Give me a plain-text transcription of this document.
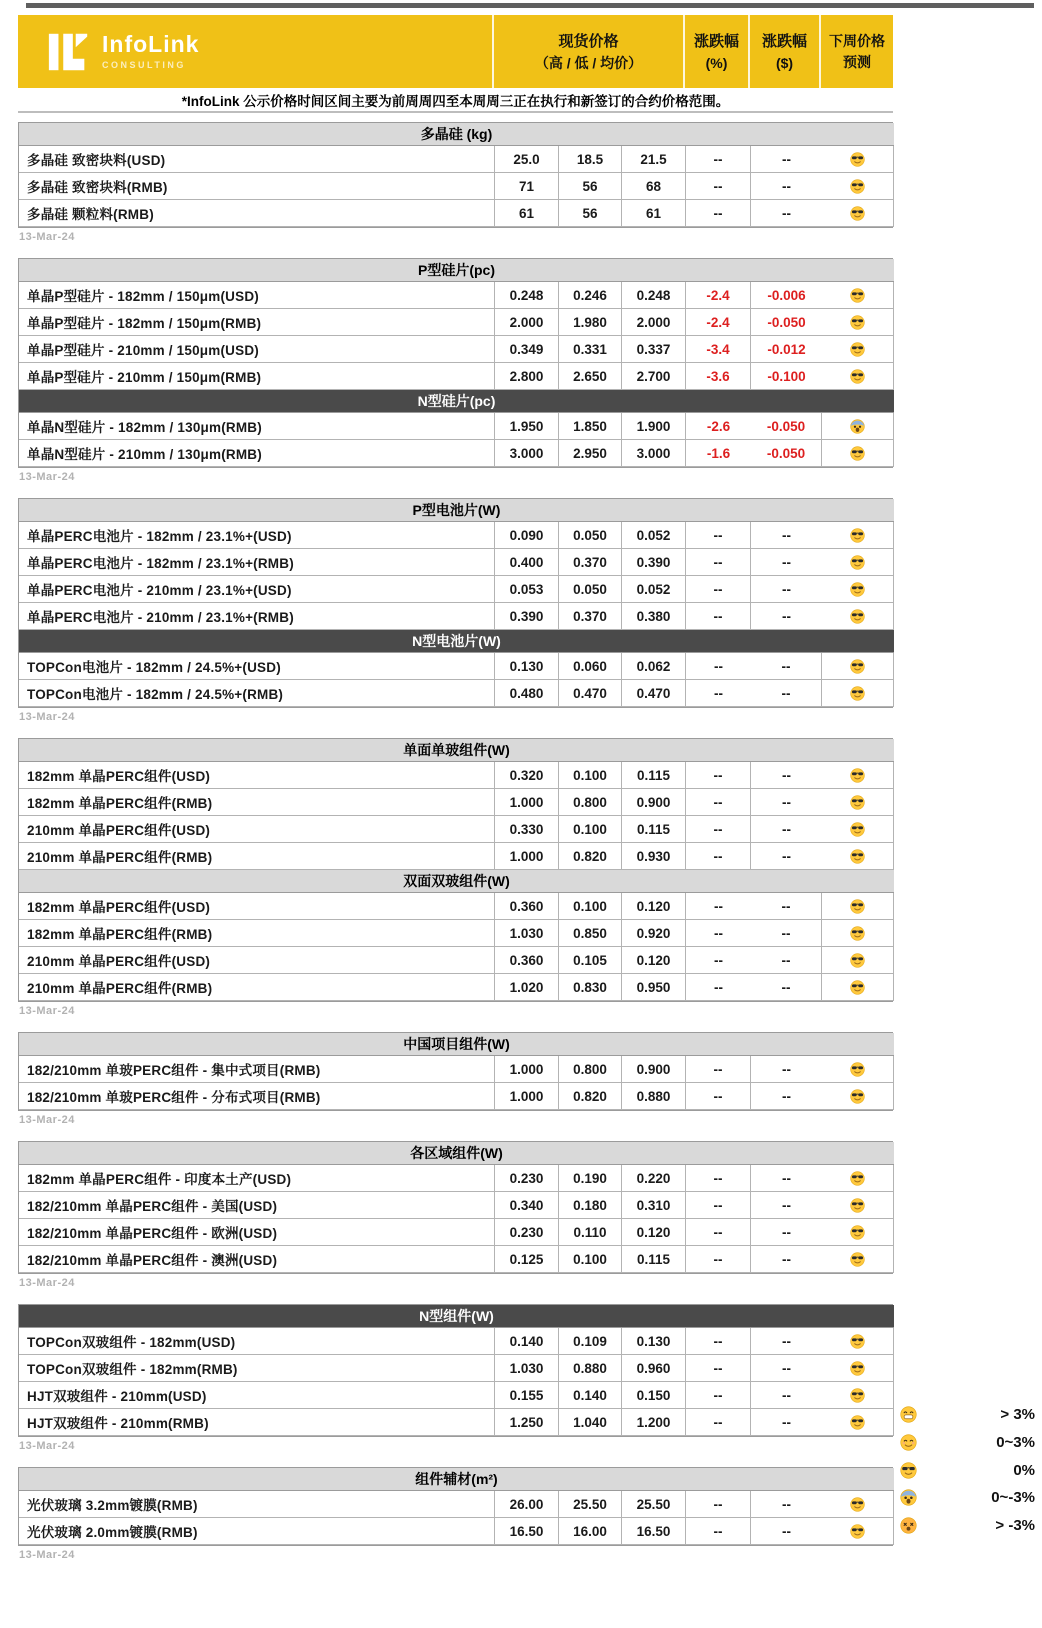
InfoLink
CONSULTING
现货价格
（高 / 低 / 均价）
涨跌幅
(%)
涨跌幅
($)
下周价格预测
*InfoLink 公示价格时间区间主要为前周周四至本周周三正在执行和新签订的合约价格范围。
多晶硅 (kg)
多晶硅 致密块料(USD)	25.0	18.5	21.5	--	--
多晶硅 致密块料(RMB)	71	56	68	--	--
多晶硅 颗粒料(RMB)	61	56	61	--	--
13-Mar-24
P型硅片(pc)
单晶P型硅片 - 182mm / 150μm(USD)	0.248	0.246	0.248	-2.4	-0.006
单晶P型硅片 - 182mm / 150μm(RMB)	2.000	1.980	2.000	-2.4	-0.050
单晶P型硅片 - 210mm / 150μm(USD)	0.349	0.331	0.337	-3.4	-0.012
单晶P型硅片 - 210mm / 150μm(RMB)	2.800	2.650	2.700	-3.6	-0.100
N型硅片(pc)
单晶N型硅片 - 182mm / 130μm(RMB)	1.950	1.850	1.900	-2.6	-0.050
单晶N型硅片 - 210mm / 130μm(RMB)	3.000	2.950	3.000	-1.6	-0.050
13-Mar-24
P型电池片(W)
单晶PERC电池片 - 182mm / 23.1%+(USD)	0.090	0.050	0.052	--	--
单晶PERC电池片 - 182mm / 23.1%+(RMB)	0.400	0.370	0.390	--	--
单晶PERC电池片 - 210mm / 23.1%+(USD)	0.053	0.050	0.052	--	--
单晶PERC电池片 - 210mm / 23.1%+(RMB)	0.390	0.370	0.380	--	--
N型电池片(W)
TOPCon电池片 - 182mm / 24.5%+(USD)	0.130	0.060	0.062	--	--
TOPCon电池片 - 182mm / 24.5%+(RMB)	0.480	0.470	0.470	--	--
13-Mar-24
单面单玻组件(W)
182mm 单晶PERC组件(USD)	0.320	0.100	0.115	--	--
182mm 单晶PERC组件(RMB)	1.000	0.800	0.900	--	--
210mm 单晶PERC组件(USD)	0.330	0.100	0.115	--	--
210mm 单晶PERC组件(RMB)	1.000	0.820	0.930	--	--
双面双玻组件(W)
182mm 单晶PERC组件(USD)	0.360	0.100	0.120	--	--
182mm 单晶PERC组件(RMB)	1.030	0.850	0.920	--	--
210mm 单晶PERC组件(USD)	0.360	0.105	0.120	--	--
210mm 单晶PERC组件(RMB)	1.020	0.830	0.950	--	--
13-Mar-24
中国项目组件(W)
182/210mm 单玻PERC组件 - 集中式项目(RMB)	1.000	0.800	0.900	--	--
182/210mm 单玻PERC组件 - 分布式项目(RMB)	1.000	0.820	0.880	--	--
13-Mar-24
各区域组件(W)
182mm 单晶PERC组件 - 印度本土产(USD)	0.230	0.190	0.220	--	--
182/210mm 单晶PERC组件 - 美国(USD)	0.340	0.180	0.310	--	--
182/210mm 单晶PERC组件 - 欧洲(USD)	0.230	0.110	0.120	--	--
182/210mm 单晶PERC组件 - 澳洲(USD)	0.125	0.100	0.115	--	--
13-Mar-24
N型组件(W)
TOPCon双玻组件 - 182mm(USD)	0.140	0.109	0.130	--	--
TOPCon双玻组件 - 182mm(RMB)	1.030	0.880	0.960	--	--
HJT双玻组件 - 210mm(USD)	0.155	0.140	0.150	--	--
HJT双玻组件 - 210mm(RMB)	1.250	1.040	1.200	--	--
13-Mar-24
组件辅材(m²)
光伏玻璃 3.2mm镀膜(RMB)	26.00	25.50	25.50	--	--
光伏玻璃 2.0mm镀膜(RMB)	16.50	16.00	16.50	--	--
13-Mar-24
> 3%
0~3%
0%
0~-3%
> -3%
